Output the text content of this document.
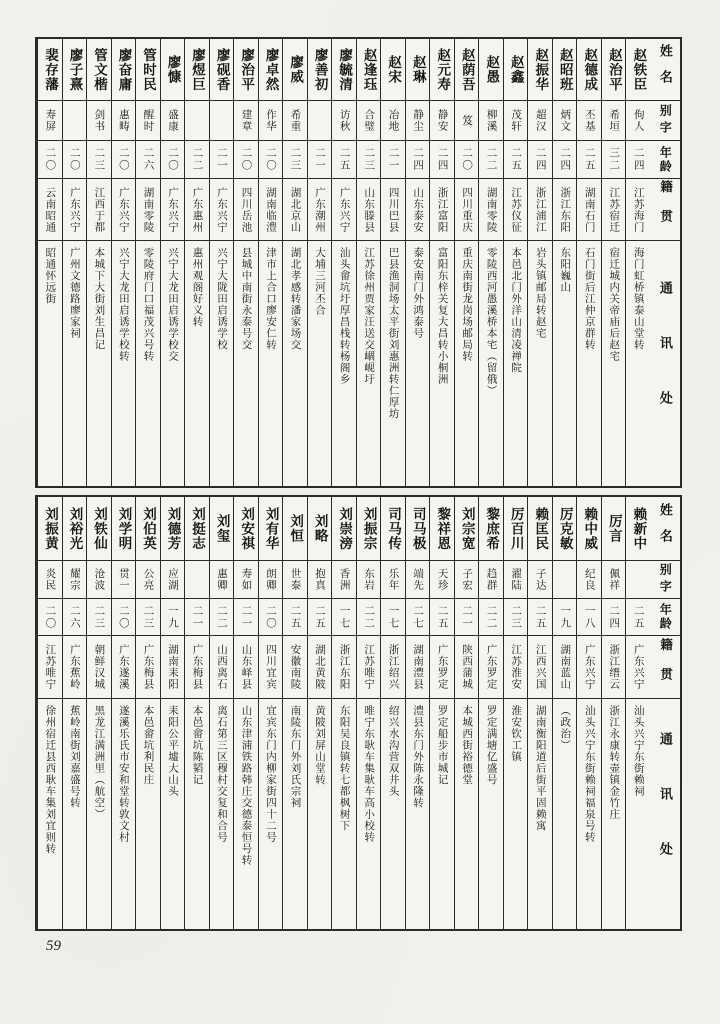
姓名
别字
年龄
籍贯
通讯处
赵铁臣
佝人
二四
江苏海门
海门虹桥镇泰山堂转
赵治平
希垣
三二
江苏宿迁
宿迁城内关帝庙后赵宅
赵德成
丕基
二五
湖南石门
石门街后江仲京群转
赵昭班
炳文
二四
浙江东阳
东阳巍山
赵振华
超汉
二四
浙江浦江
岩头镇邮局转赵宅
赵鑫
茂轩
二五
江苏仪征
本邑北门外洋山清凌禅院
赵愚
柳溪
二二
湖南零陵
零陵西河愚溪桥本宅（留俄）
赵荫吾
笈
二〇
四川重庆
重庆南街龙岗场邮局转
赵元寿
静安
二四
浙江富阳
富阳东梓关复大昌转小桐洲
赵琳
静尘
二四
山东泰安
泰安南门外鸿泰号
赵宋
冶地
二一
四川巴县
巴县渔洞场太平街刘惠洲转仁厚坊
赵逢珏
合璧
二三
山东滕县
江苏徐州贾家汪送交崓岘圩
廖毓清
访秋
二五
广东兴宁
汕头畲坑圩厚昌栈转杨阁乡
廖善初
二一
广东潮州
大埔三河丕合
廖威
希重
二三
湖北京山
湖北孝感转潘家场交
廖卓然
作华
二〇
湖南临澧
津市上合口廖安仁转
廖治平
建章
二〇
四川岳池
县城中南街永泰号交
廖砚香
二一
广东兴宁
兴宁大陇田启诱学校
廖煜巨
二二
广东惠州
惠州观阁好义转
廖慷
盛康
二〇
广东兴宁
兴宁大龙田启诱学校交
管时民
醒时
二六
湖南零陵
零陵府门口福茂兴号转
廖奋庸
惠畴
二〇
广东兴宁
兴宁大龙田启诱学校转
管文楷
剑书
二三
江西于都
本城下大街刘生昌记
廖子熹
二〇
广东兴宁
广州文德路廖家祠
裴存藩
寿屏
二〇
云南昭通
昭通怀远街
姓名
别字
年龄
籍贯
通讯处
赖新中
二五
广东兴宁
汕头兴宁东街赖祠
厉言
佩祥
二四
浙江缙云
浙江永康转壶镇金竹庄
赖中威
纪良
一八
广东兴宁
汕头兴宁东街赖祠福泉号转
厉克敏
一九
湖南蓝山
（政治）
赖匡民
子达
二五
江西兴国
湖南衡阳道后街平固赖寓
厉百川
濯陆
二三
江苏淮安
淮安钦工镇
黎庶希
趋群
二二
广东罗定
罗定满塘亿盛号
刘宗宽
子宏
二一
陕西蒲城
本城西街裕德堂
黎祥恩
天珍
二五
广东罗定
罗定船步市城记
司马极
端先
二七
湖南澧县
澧县东门外陈永隆转
司马传
乐年
一七
浙江绍兴
绍兴水沟营双井头
刘振宗
东岩
二二
江苏唯宁
唯宁东耿车集耿车高小校转
刘崇滂
香洲
一七
浙江东阳
东阳吴良镇转七都枫树下
刘略
抱真
二五
湖北黄陂
黄陂刘屏山堂转
刘恒
世泰
二五
安徽南陵
南陵东门外刘氏宗祠
刘有华
朗卿
二〇
四川宜宾
宜宾东门内柳家街四十二号
刘安祺
寿如
二一
山东峄县
山东津浦铁路韩庄交德泰恒号转
刘玺
惠卿
二二
山西离石
离石第三区穆村交复和合号
刘挺志
二一
广东梅县
本邑畲坑陈韬记
刘德芳
应湖
一九
湖南耒阳
耒阳公平墟大山头
刘伯英
公亮
二三
广东梅县
本邑畲坑利民庄
刘学明
贯一
二〇
广东遂溪
遂溪乐氏市安和堂转敦文村
刘铁仙
沧波
二三
朝鲜汉城
黑龙江满洲里（航空）
刘裕光
耀宗
二六
广东蕉岭
蕉岭南街刘嘉盛号转
刘振黄
炎民
二〇
江苏唯宁
徐州宿迁县西耿车集刘宜则转
59
